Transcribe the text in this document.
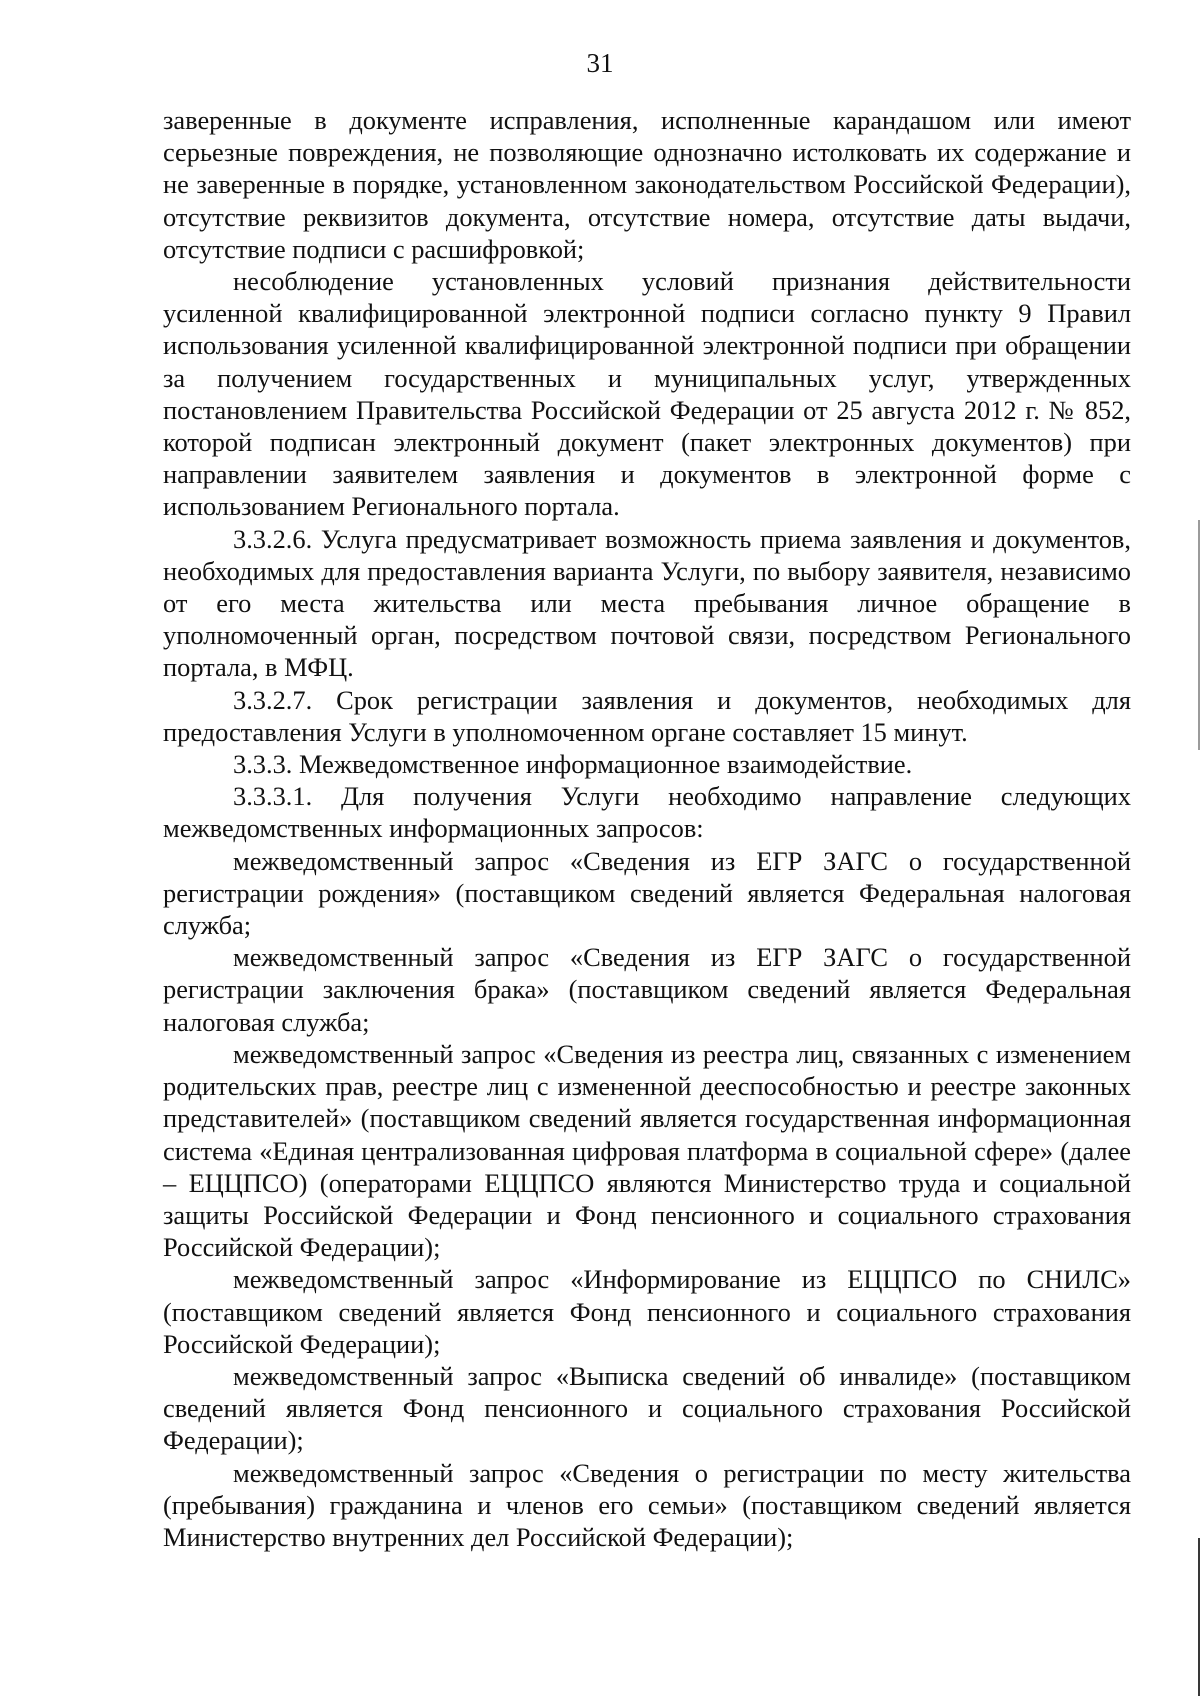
31

заверенные в документе исправления, исполненные карандашом или имеют серьезные повреждения, не позволяющие однозначно истолковать их содержание и не заверенные в порядке, установленном законодательством Российской Федерации), отсутствие реквизитов документа, отсутствие номера, отсутствие даты выдачи, отсутствие подписи с расшифровкой;

несоблюдение установленных условий признания действительности усиленной квалифицированной электронной подписи согласно пункту 9 Правил использования усиленной квалифицированной электронной подписи при обращении за получением государственных и муниципальных услуг, утвержденных постановлением Правительства Российской Федерации от 25 августа 2012 г. № 852, которой подписан электронный документ (пакет электронных документов) при направлении заявителем заявления и документов в электронной форме с использованием Регионального портала.

3.3.2.6. Услуга предусматривает возможность приема заявления и документов, необходимых для предоставления варианта Услуги, по выбору заявителя, независимо от его места жительства или места пребывания личное обращение в уполномоченный орган, посредством почтовой связи, посредством Регионального портала, в МФЦ.

3.3.2.7. Срок регистрации заявления и документов, необходимых для предоставления Услуги в уполномоченном органе составляет 15 минут.

3.3.3. Межведомственное информационное взаимодействие.

3.3.3.1. Для получения Услуги необходимо направление следующих межведомственных информационных запросов:

межведомственный запрос «Сведения из ЕГР ЗАГС о государственной регистрации рождения» (поставщиком сведений является Федеральная налоговая служба;

межведомственный запрос «Сведения из ЕГР ЗАГС о государственной регистрации заключения брака» (поставщиком сведений является Федеральная налоговая служба;

межведомственный запрос «Сведения из реестра лиц, связанных с изменением родительских прав, реестре лиц с измененной дееспособностью и реестре законных представителей» (поставщиком сведений является государственная информационная система «Единая централизованная цифровая платформа в социальной сфере» (далее – ЕЦЦПСО) (операторами ЕЦЦПСО являются Министерство труда и социальной защиты Российской Федерации и Фонд пенсионного и социального страхования Российской Федерации);

межведомственный запрос «Информирование из ЕЦЦПСО по СНИЛС» (поставщиком сведений является Фонд пенсионного и социального страхования Российской Федерации);

межведомственный запрос «Выписка сведений об инвалиде» (поставщиком сведений является Фонд пенсионного и социального страхования Российской Федерации);

межведомственный запрос «Сведения о регистрации по месту жительства (пребывания) гражданина и членов его семьи» (поставщиком сведений является Министерство внутренних дел Российской Федерации);
